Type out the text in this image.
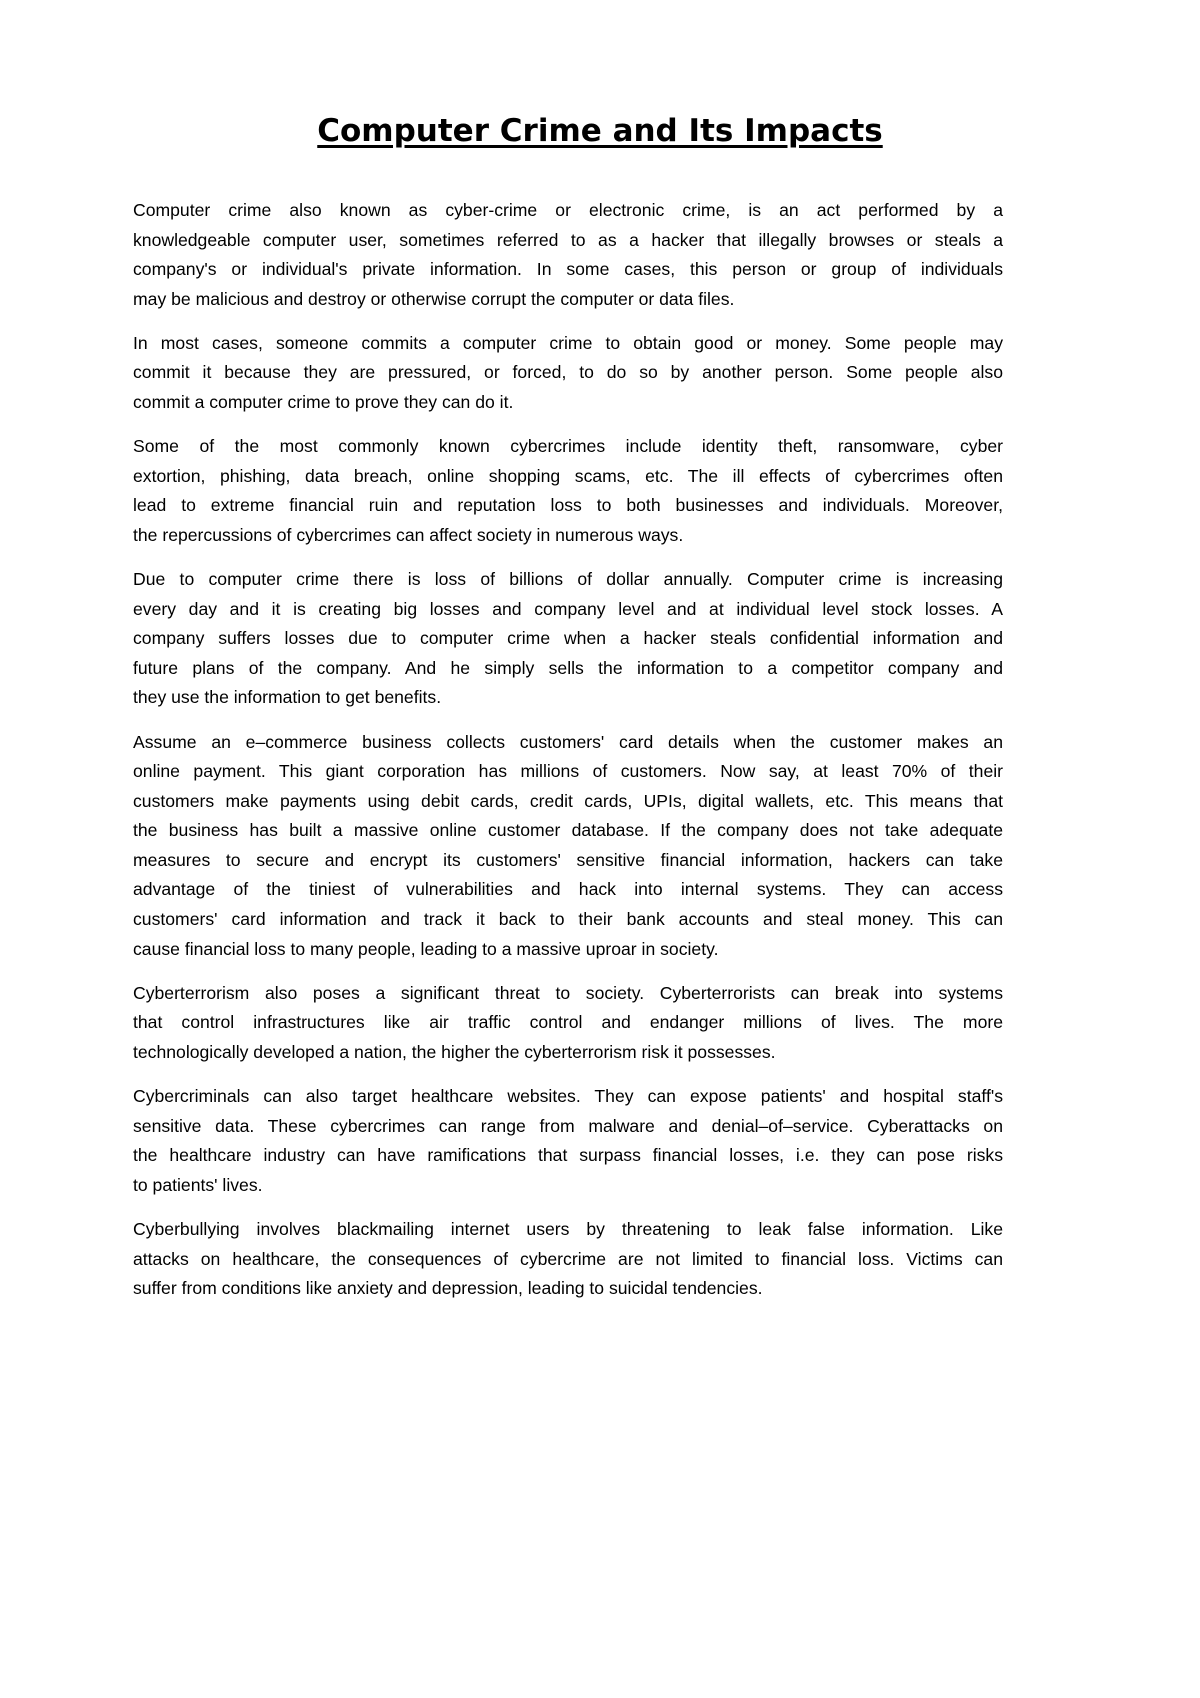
Computer Crime and Its Impacts

Computer crime also known as cyber-crime or electronic crime, is an act performed by a
knowledgeable computer user, sometimes referred to as a hacker that illegally browses or steals a
company's or individual's private information. In some cases, this person or group of individuals
may be malicious and destroy or otherwise corrupt the computer or data files.

In most cases, someone commits a computer crime to obtain good or money. Some people may
commit it because they are pressured, or forced, to do so by another person. Some people also
commit a computer crime to prove they can do it.

Some of the most commonly known cybercrimes include identity theft, ransomware, cyber
extortion, phishing, data breach, online shopping scams, etc. The ill effects of cybercrimes often
lead to extreme financial ruin and reputation loss to both businesses and individuals. Moreover,
the repercussions of cybercrimes can affect society in numerous ways.

Due to computer crime there is loss of billions of dollar annually. Computer crime is increasing
every day and it is creating big losses and company level and at individual level stock losses. A
company suffers losses due to computer crime when a hacker steals confidential information and
future plans of the company. And he simply sells the information to a competitor company and
they use the information to get benefits.

Assume an e–commerce business collects customers' card details when the customer makes an
online payment. This giant corporation has millions of customers. Now say, at least 70% of their
customers make payments using debit cards, credit cards, UPIs, digital wallets, etc. This means that
the business has built a massive online customer database. If the company does not take adequate
measures to secure and encrypt its customers' sensitive financial information, hackers can take
advantage of the tiniest of vulnerabilities and hack into internal systems. They can access
customers' card information and track it back to their bank accounts and steal money. This can
cause financial loss to many people, leading to a massive uproar in society.

Cyberterrorism also poses a significant threat to society. Cyberterrorists can break into systems
that control infrastructures like air traffic control and endanger millions of lives. The more
technologically developed a nation, the higher the cyberterrorism risk it possesses.

Cybercriminals can also target healthcare websites. They can expose patients' and hospital staff's
sensitive data. These cybercrimes can range from malware and denial–of–service. Cyberattacks on
the healthcare industry can have ramifications that surpass financial losses, i.e. they can pose risks
to patients' lives.

Cyberbullying involves blackmailing internet users by threatening to leak false information. Like
attacks on healthcare, the consequences of cybercrime are not limited to financial loss. Victims can
suffer from conditions like anxiety and depression, leading to suicidal tendencies.
